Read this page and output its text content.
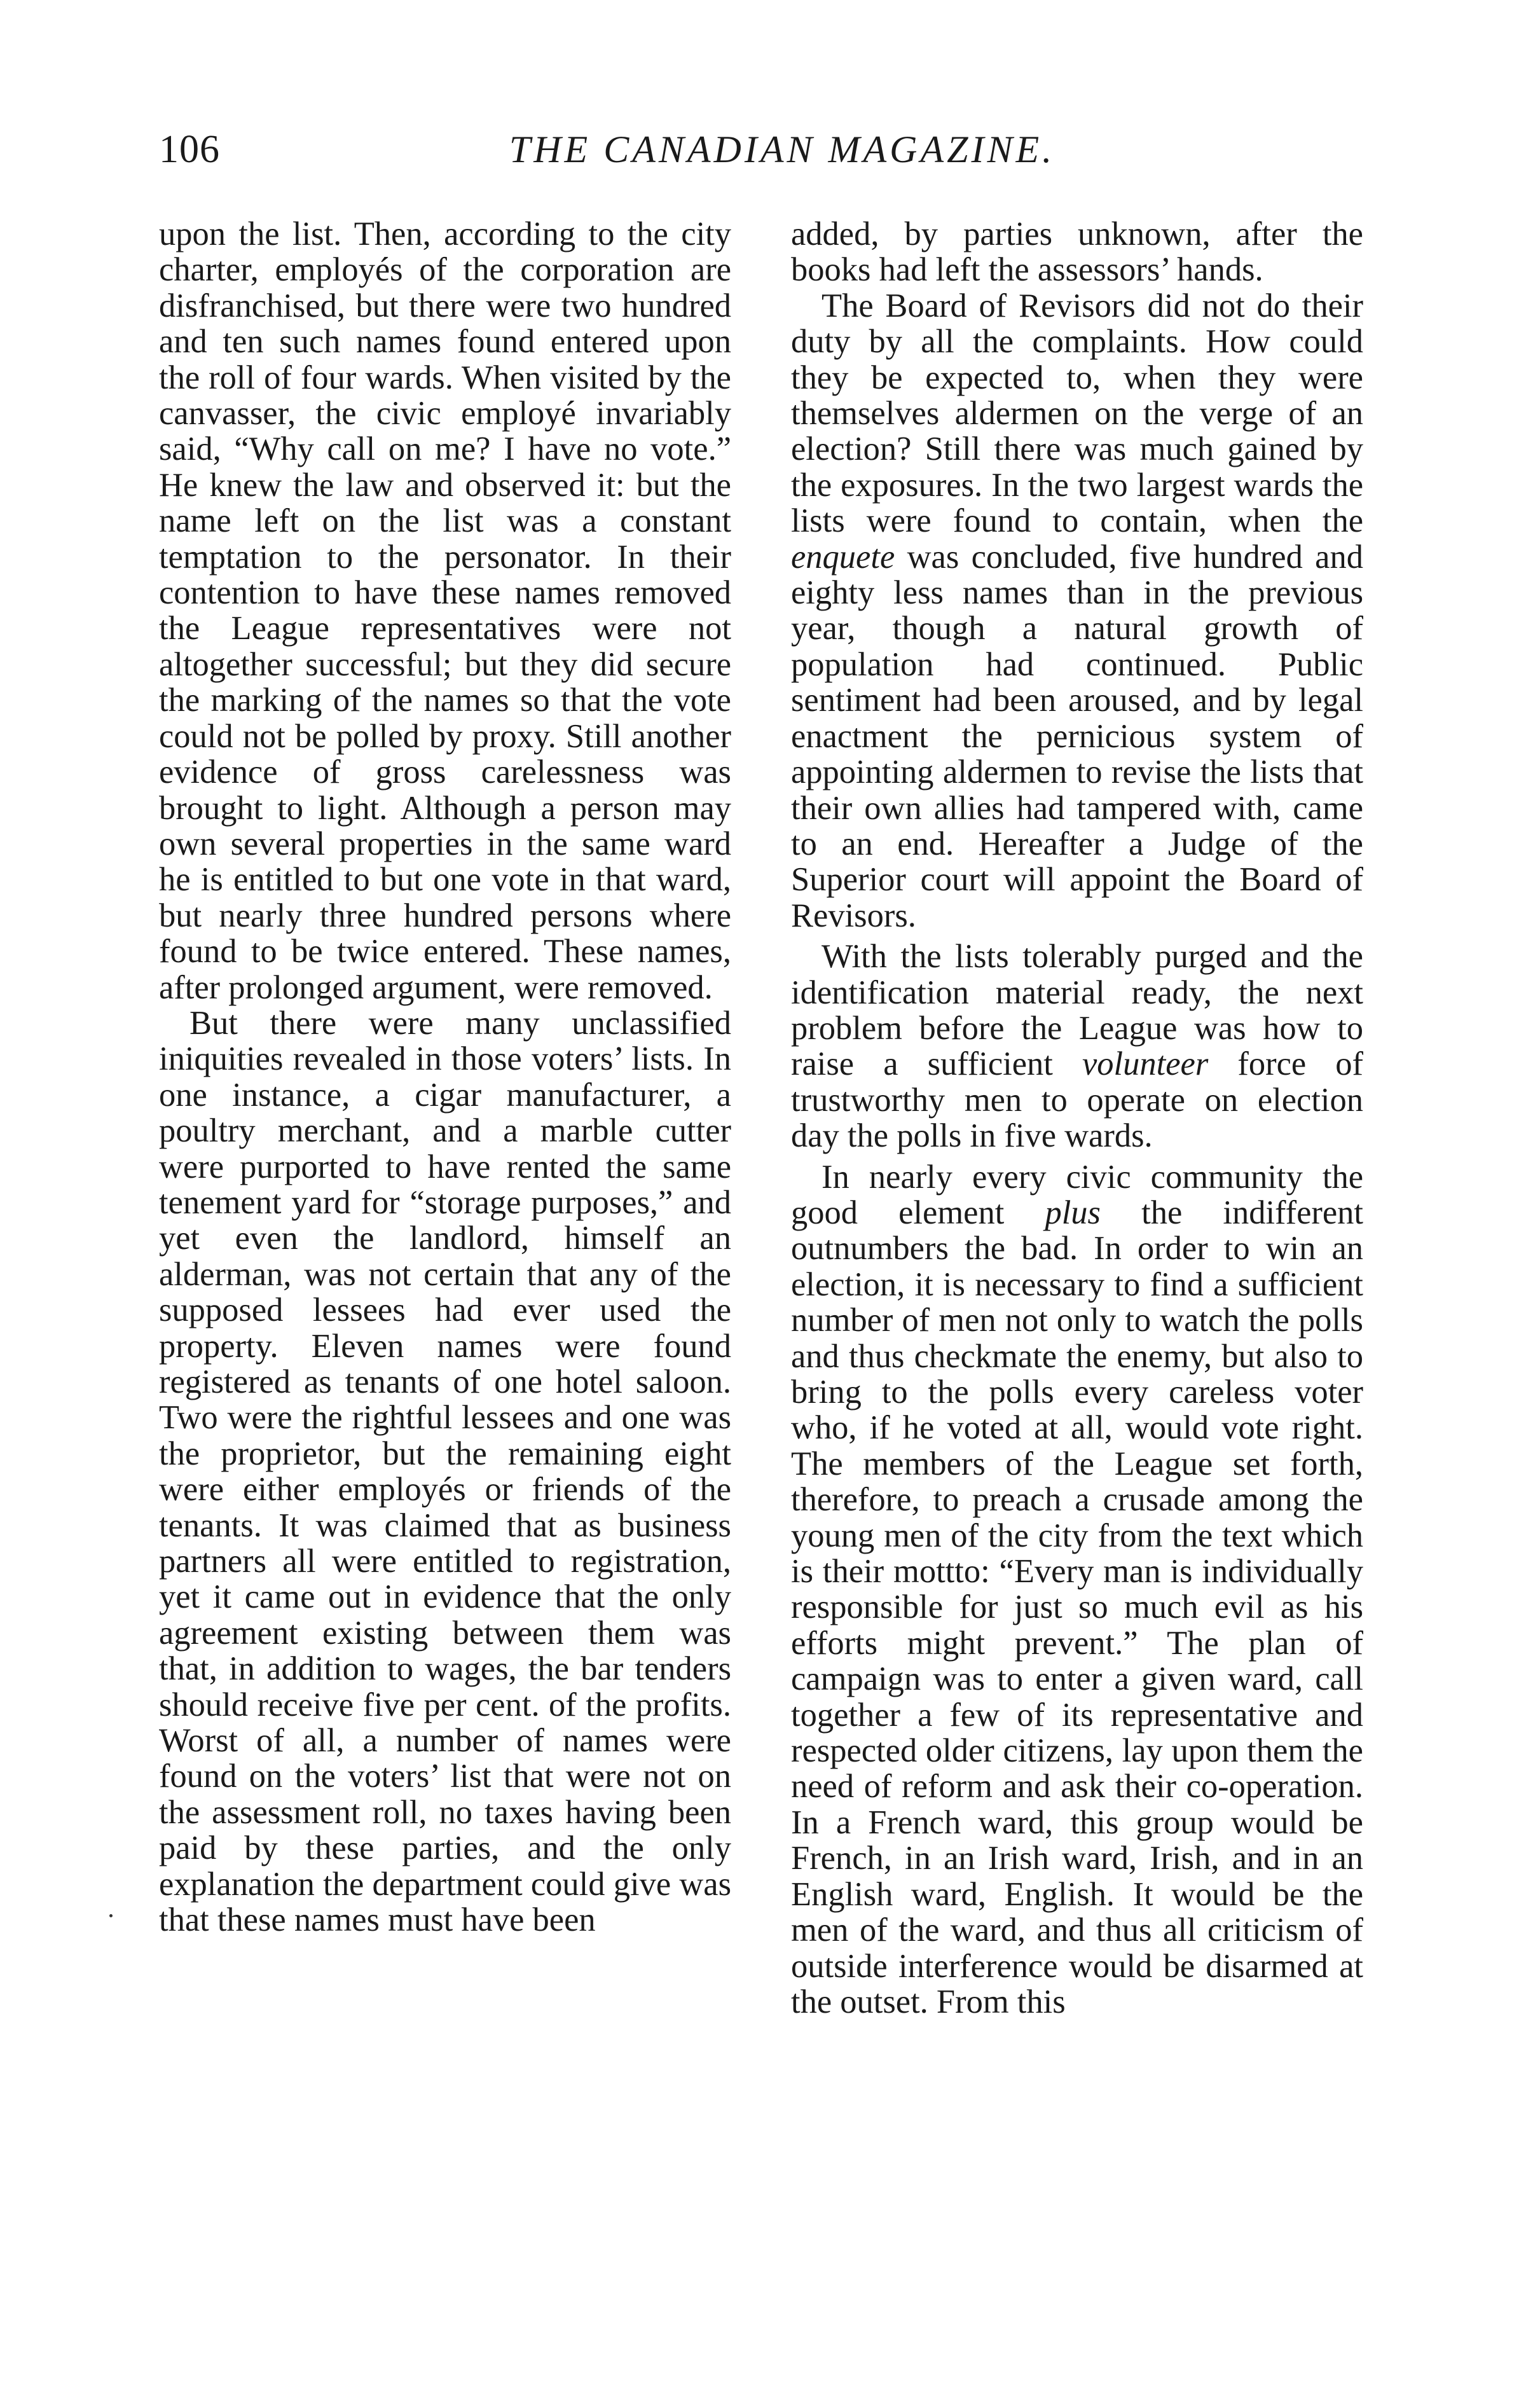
106	THE CANADIAN MAGAZINE.

upon the list. Then, according to the city charter, employés of the corporation are disfranchised, but there were two hundred and ten such names found entered upon the roll of four wards. When visited by the canvasser, the civic employé invariably said, “Why call on me? I have no vote.” He knew the law and observed it: but the name left on the list was a constant temptation to the personator. In their contention to have these names removed the League representatives were not altogether successful; but they did secure the marking of the names so that the vote could not be polled by proxy. Still another evidence of gross carelessness was brought to light. Although a person may own several properties in the same ward he is entitled to but one vote in that ward, but nearly three hundred persons where found to be twice entered. These names, after prolonged argument, were removed.

But there were many unclassified iniquities revealed in those voters’ lists. In one instance, a cigar manufacturer, a poultry merchant, and a marble cutter were purported to have rented the same tenement yard for “storage purposes,” and yet even the landlord, himself an alderman, was not certain that any of the supposed lessees had ever used the property. Eleven names were found registered as tenants of one hotel saloon. Two were the rightful lessees and one was the proprietor, but the remaining eight were either employés or friends of the tenants. It was claimed that as business partners all were entitled to registration, yet it came out in evidence that the only agreement existing between them was that, in addition to wages, the bar tenders should receive five per cent. of the profits. Worst of all, a number of names were found on the voters’ list that were not on the assessment roll, no taxes having been paid by these parties, and the only explanation the department could give was that these names must have been

added, by parties unknown, after the books had left the assessors’ hands.

The Board of Revisors did not do their duty by all the complaints. How could they be expected to, when they were themselves aldermen on the verge of an election? Still there was much gained by the exposures. In the two largest wards the lists were found to contain, when the enquete was concluded, five hundred and eighty less names than in the previous year, though a natural growth of population had continued. Public sentiment had been aroused, and by legal enactment the pernicious system of appointing aldermen to revise the lists that their own allies had tampered with, came to an end. Hereafter a Judge of the Superior court will appoint the Board of Revisors.

With the lists tolerably purged and the identification material ready, the next problem before the League was how to raise a sufficient volunteer force of trustworthy men to operate on election day the polls in five wards.

In nearly every civic community the good element plus the indifferent outnumbers the bad. In order to win an election, it is necessary to find a sufficient number of men not only to watch the polls and thus checkmate the enemy, but also to bring to the polls every careless voter who, if he voted at all, would vote right. The members of the League set forth, therefore, to preach a crusade among the young men of the city from the text which is their mottto: “Every man is individually responsible for just so much evil as his efforts might prevent.” The plan of campaign was to enter a given ward, call together a few of its representative and respected older citizens, lay upon them the need of reform and ask their co-operation. In a French ward, this group would be French, in an Irish ward, Irish, and in an English ward, English. It would be the men of the ward, and thus all criticism of outside interference would be disarmed at the outset. From this
